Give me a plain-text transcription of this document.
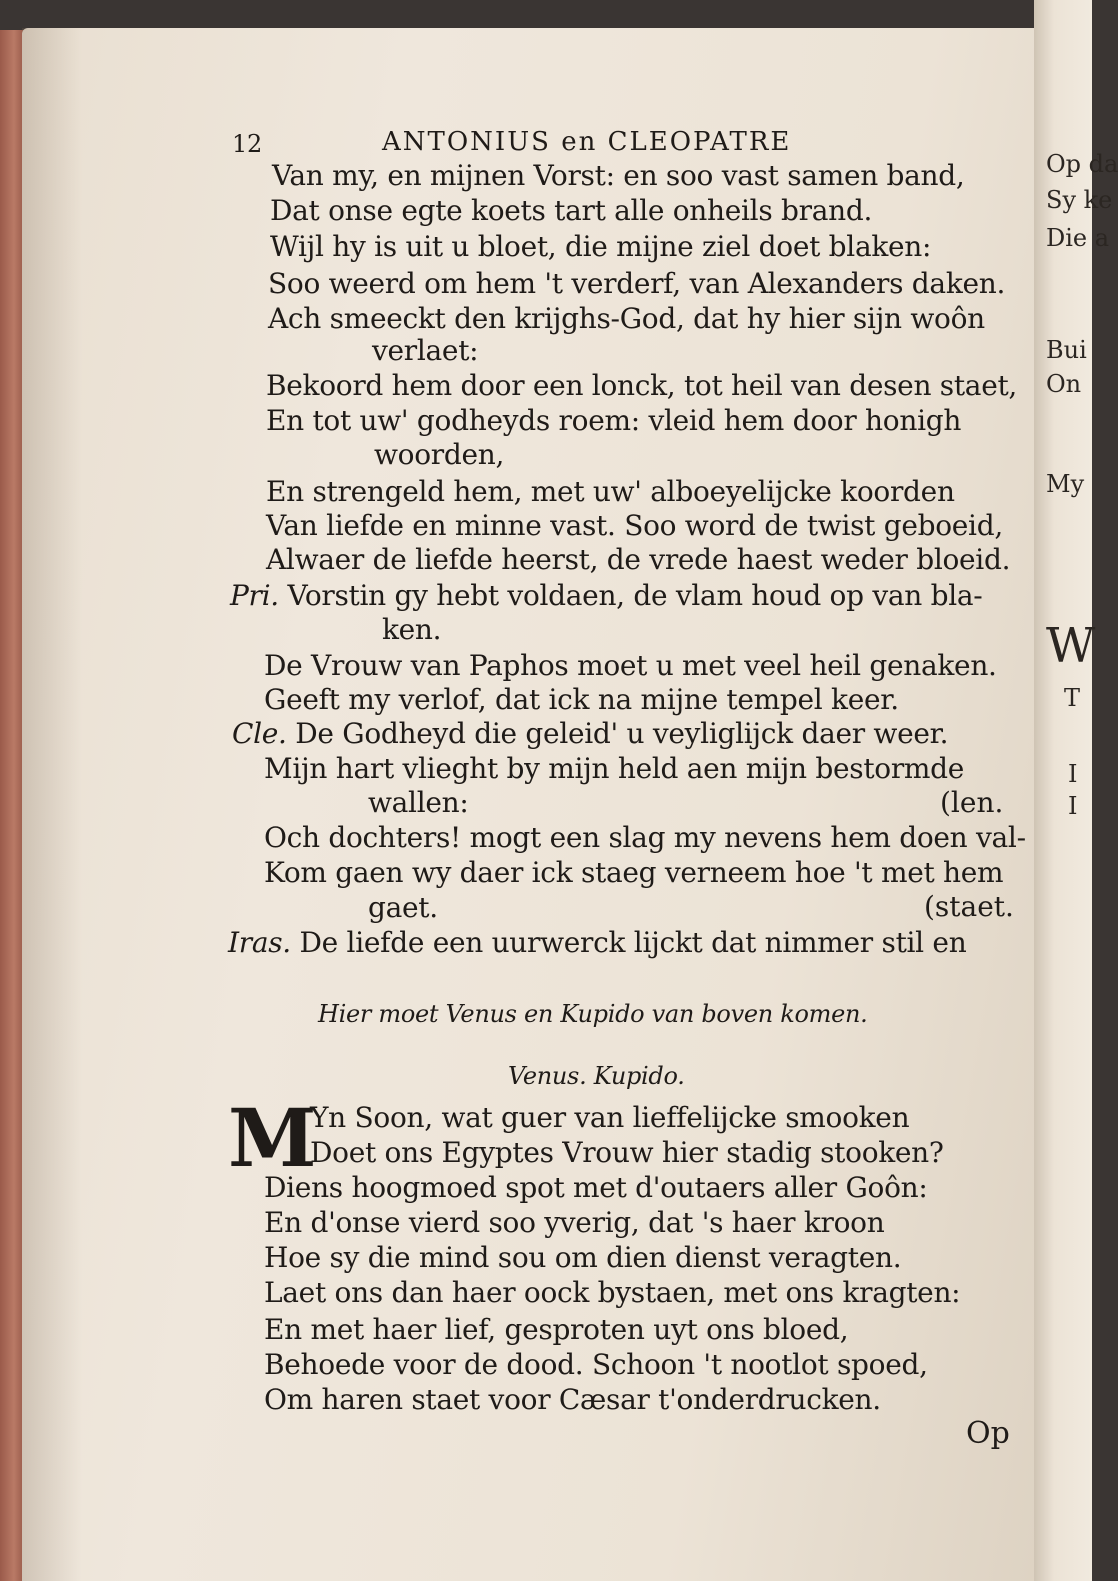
Op da
Sy ke
Die a
Bui
On
My
W
T
I
I
12	ANTONIUS en CLEOPATRE
Van my, en mijnen Vorst: en soo vast samen band,
Dat onse egte koets tart alle onheils brand.
Wijl hy is uit u bloet, die mijne ziel doet blaken:
Soo weerd om hem 't verderf, van Alexanders daken.
Ach smeeckt den krijghs-God, dat hy hier sijn woôn
verlaet:
Bekoord hem door een lonck, tot heil van desen staet,
En tot uw' godheyds roem: vleid hem door honigh
woorden,
En strengeld hem, met uw' alboeyelijcke koorden
Van liefde en minne vast. Soo word de twist geboeid,
Alwaer de liefde heerst, de vrede haest weder bloeid.
Pri. Vorstin gy hebt voldaen, de vlam houd op van bla-
ken.
De Vrouw van Paphos moet u met veel heil genaken.
Geeft my verlof, dat ick na mijne tempel keer.
Cle. De Godheyd die geleid' u veyliglijck daer weer.
Mijn hart vlieght by mijn held aen mijn bestormde
wallen:	(len.
Och dochters! mogt een slag my nevens hem doen val-
Kom gaen wy daer ick staeg verneem hoe 't met hem
gaet.	(staet.
Iras. De liefde een uurwerck lijckt dat nimmer stil en
Hier moet Venus en Kupido van boven komen.
Venus. Kupido.
M
Yn Soon, wat guer van lieffelijcke smooken
Doet ons Egyptes Vrouw hier stadig stooken?
Diens hoogmoed spot met d'outaers aller Goôn:
En d'onse vierd soo yverig, dat 's haer kroon
Hoe sy die mind sou om dien dienst veragten.
Laet ons dan haer oock bystaen, met ons kragten:
En met haer lief, gesproten uyt ons bloed,
Behoede voor de dood. Schoon 't nootlot spoed,
Om haren staet voor Cæsar t'onderdrucken.
Op
